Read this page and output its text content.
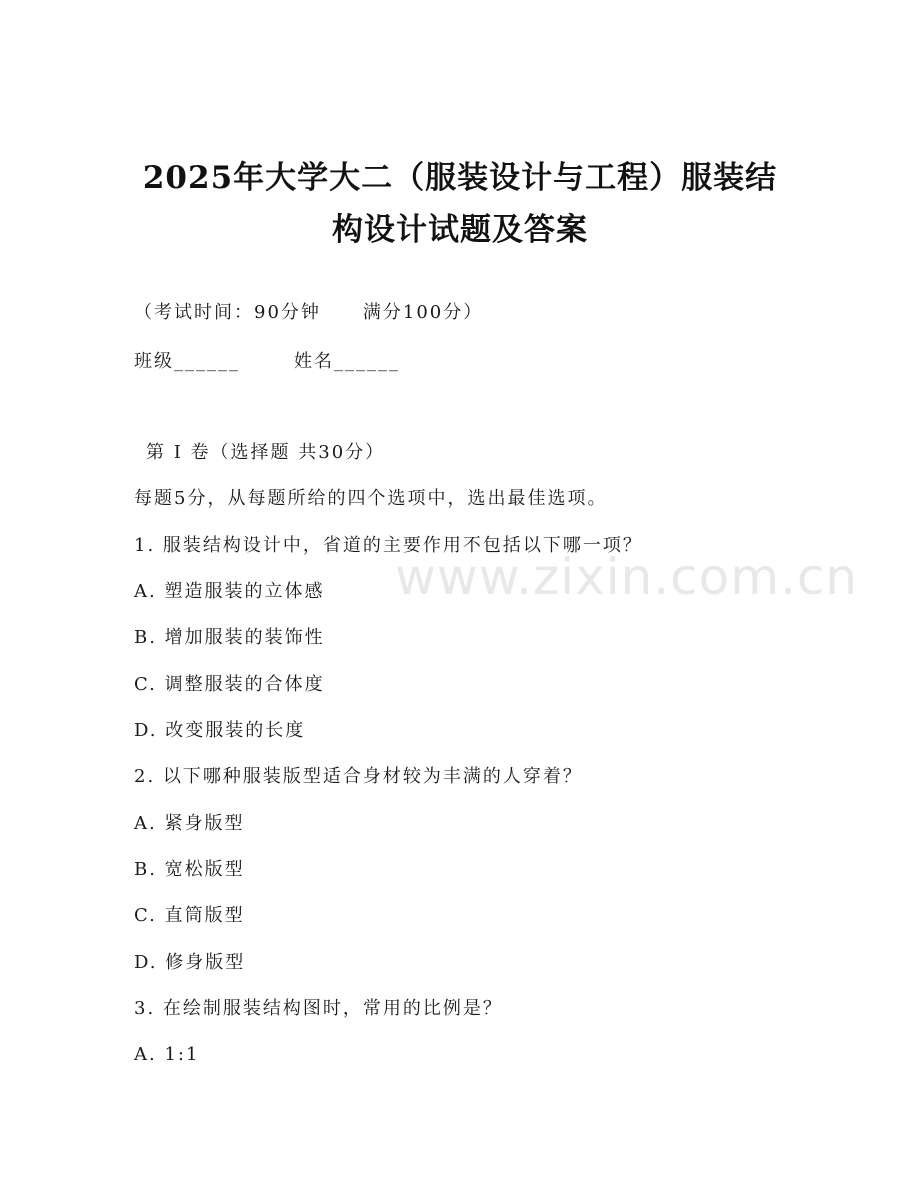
2025年大学大二（服装设计与工程）服装结
构设计试题及答案
（考试时间：90分钟 满分100分）
班级______	姓名______
第 I 卷（选择题 共30分）
每题5分，从每题所给的四个选项中，选出最佳选项。
1. 服装结构设计中，省道的主要作用不包括以下哪一项？
A. 塑造服装的立体感
B. 增加服装的装饰性
C. 调整服装的合体度
D. 改变服装的长度
2. 以下哪种服装版型适合身材较为丰满的人穿着？
A. 紧身版型
B. 宽松版型
C. 直筒版型
D. 修身版型
3. 在绘制服装结构图时，常用的比例是？
A. 1:1
www.zixin.com.cn
